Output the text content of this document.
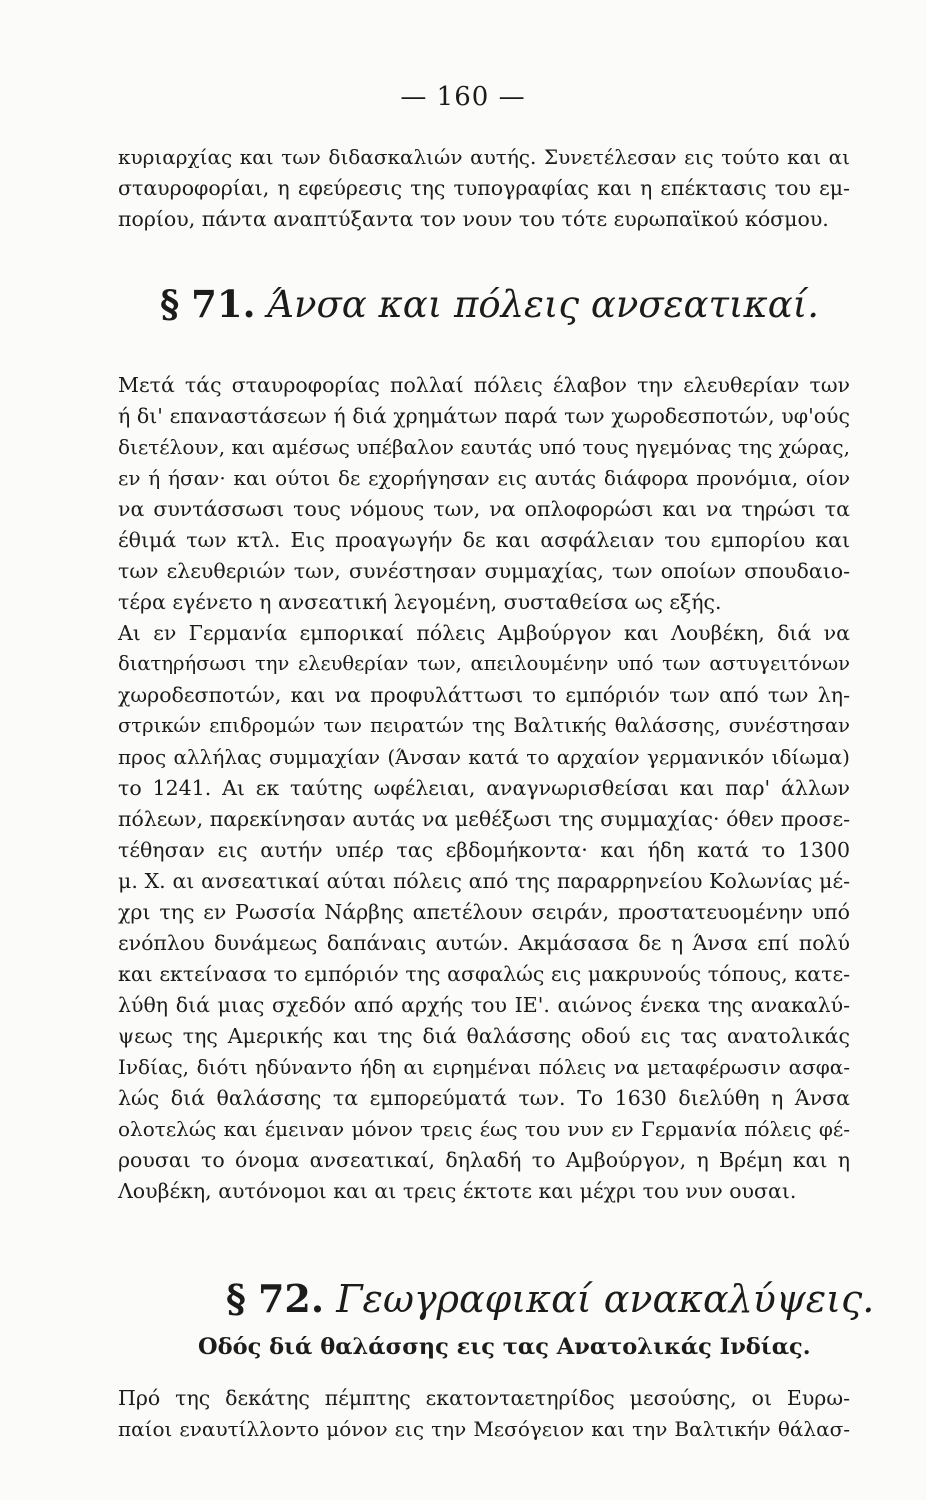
— 160 —
κυριαρχίας και των διδασκαλιών αυτής. Συνετέλεσαν εις τούτο και αι
σταυροφορίαι, η εφεύρεσις της τυπογραφίας και η επέκτασις του εμ-
πορίου, πάντα αναπτύξαντα τον νουν του τότε ευρωπαϊκού κόσμου.
§ 71. Άνσα και πόλεις ανσεατικαί.
Μετά τάς σταυροφορίας πολλαί πόλεις έλαβον την ελευθερίαν των
ή δι' επαναστάσεων ή διά χρημάτων παρά των χωροδεσποτών, υφ'ούς
διετέλουν, και αμέσως υπέβαλον εαυτάς υπό τους ηγεμόνας της χώρας,
εν ή ήσαν· και ούτοι δε εχορήγησαν εις αυτάς διάφορα προνόμια, οίον
να συντάσσωσι τους νόμους των, να οπλοφορώσι και να τηρώσι τα
έθιμά των κτλ. Εις προαγωγήν δε και ασφάλειαν του εμπορίου και
των ελευθεριών των, συνέστησαν συμμαχίας, των οποίων σπουδαιο-
τέρα εγένετο η ανσεατική λεγομένη, συσταθείσα ως εξής.
Αι εν Γερμανία εμπορικαί πόλεις Αμβούργον και Λουβέκη, διά να
διατηρήσωσι την ελευθερίαν των, απειλουμένην υπό των αστυγειτόνων
χωροδεσποτών, και να προφυλάττωσι το εμπόριόν των από των λη-
στρικών επιδρομών των πειρατών της Βαλτικής θαλάσσης, συνέστησαν
προς αλλήλας συμμαχίαν (Άνσαν κατά το αρχαίον γερμανικόν ιδίωμα)
το 1241. Αι εκ ταύτης ωφέλειαι, αναγνωρισθείσαι και παρ' άλλων
πόλεων, παρεκίνησαν αυτάς να μεθέξωσι της συμμαχίας· όθεν προσε-
τέθησαν εις αυτήν υπέρ τας εβδομήκοντα· και ήδη κατά το 1300
μ. Χ. αι ανσεατικαί αύται πόλεις από της παραρρηνείου Κολωνίας μέ-
χρι της εν Ρωσσία Νάρβης απετέλουν σειράν, προστατευομένην υπό
ενόπλου δυνάμεως δαπάναις αυτών. Ακμάσασα δε η Άνσα επί πολύ
και εκτείνασα το εμπόριόν της ασφαλώς εις μακρυνούς τόπους, κατε-
λύθη διά μιας σχεδόν από αρχής του ΙΕ'. αιώνος ένεκα της ανακαλύ-
ψεως της Αμερικής και της διά θαλάσσης οδού εις τας ανατολικάς
Ινδίας, διότι ηδύναντο ήδη αι ειρημέναι πόλεις να μεταφέρωσιν ασφα-
λώς διά θαλάσσης τα εμπορεύματά των. Το 1630 διελύθη η Άνσα
ολοτελώς και έμειναν μόνον τρεις έως του νυν εν Γερμανία πόλεις φέ-
ρουσαι το όνομα ανσεατικαί, δηλαδή το Αμβούργον, η Βρέμη και η
Λουβέκη, αυτόνομοι και αι τρεις έκτοτε και μέχρι του νυν ουσαι.
§ 72. Γεωγραφικαί ανακαλύψεις.
Οδός διά θαλάσσης εις τας Ανατολικάς Ινδίας.
Πρό της δεκάτης πέμπτης εκατονταετηρίδος μεσούσης, οι Ευρω-
παίοι εναυτίλλοντο μόνον εις την Μεσόγειον και την Βαλτικήν θάλασ-
